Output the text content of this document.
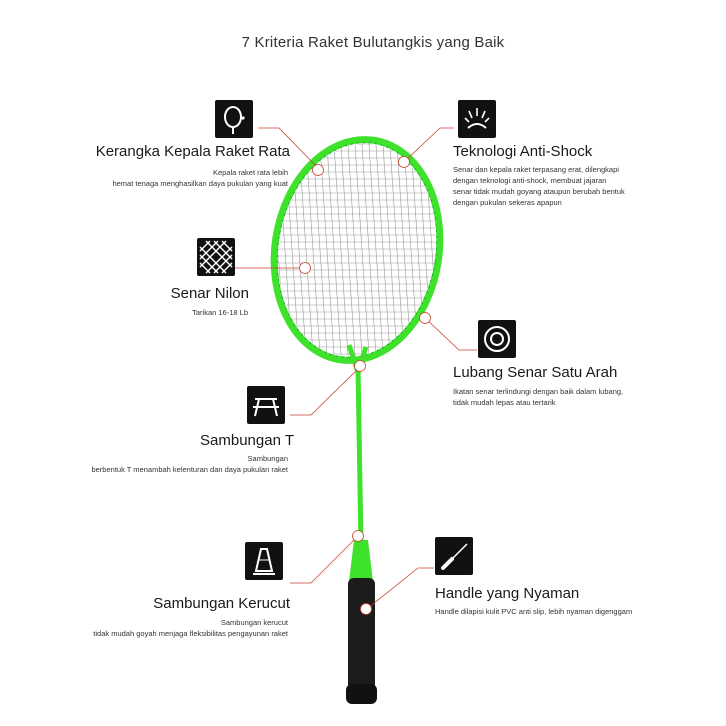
7 Kriteria Raket Bulutangkis yang Baik
Kerangka Kepala Raket Rata
Kepala raket rata lebih
hemat tenaga menghasilkan daya pukulan yang kuat
Teknologi Anti-Shock
Senar dan kepala raket terpasang erat, dilengkapi
dengan teknologi anti-shock, membuat jajaran
senar tidak mudah goyang ataupun berubah bentuk
dengan pukulan sekeras apapun
Senar Nilon
Tarikan 16-18 Lb
Lubang Senar Satu Arah
Ikatan senar terlindungi dengan baik dalam lubang,
tidak mudah lepas atau tertarik
Sambungan T
Sambungan
berbentuk T menambah kelenturan dan daya pukulan raket
Sambungan Kerucut
Sambungan kerucut
tidak mudah goyah menjaga fleksibilitas pengayunan raket
Handle yang Nyaman
Handle dilapisi kulit PVC anti slip, lebih nyaman digenggam
